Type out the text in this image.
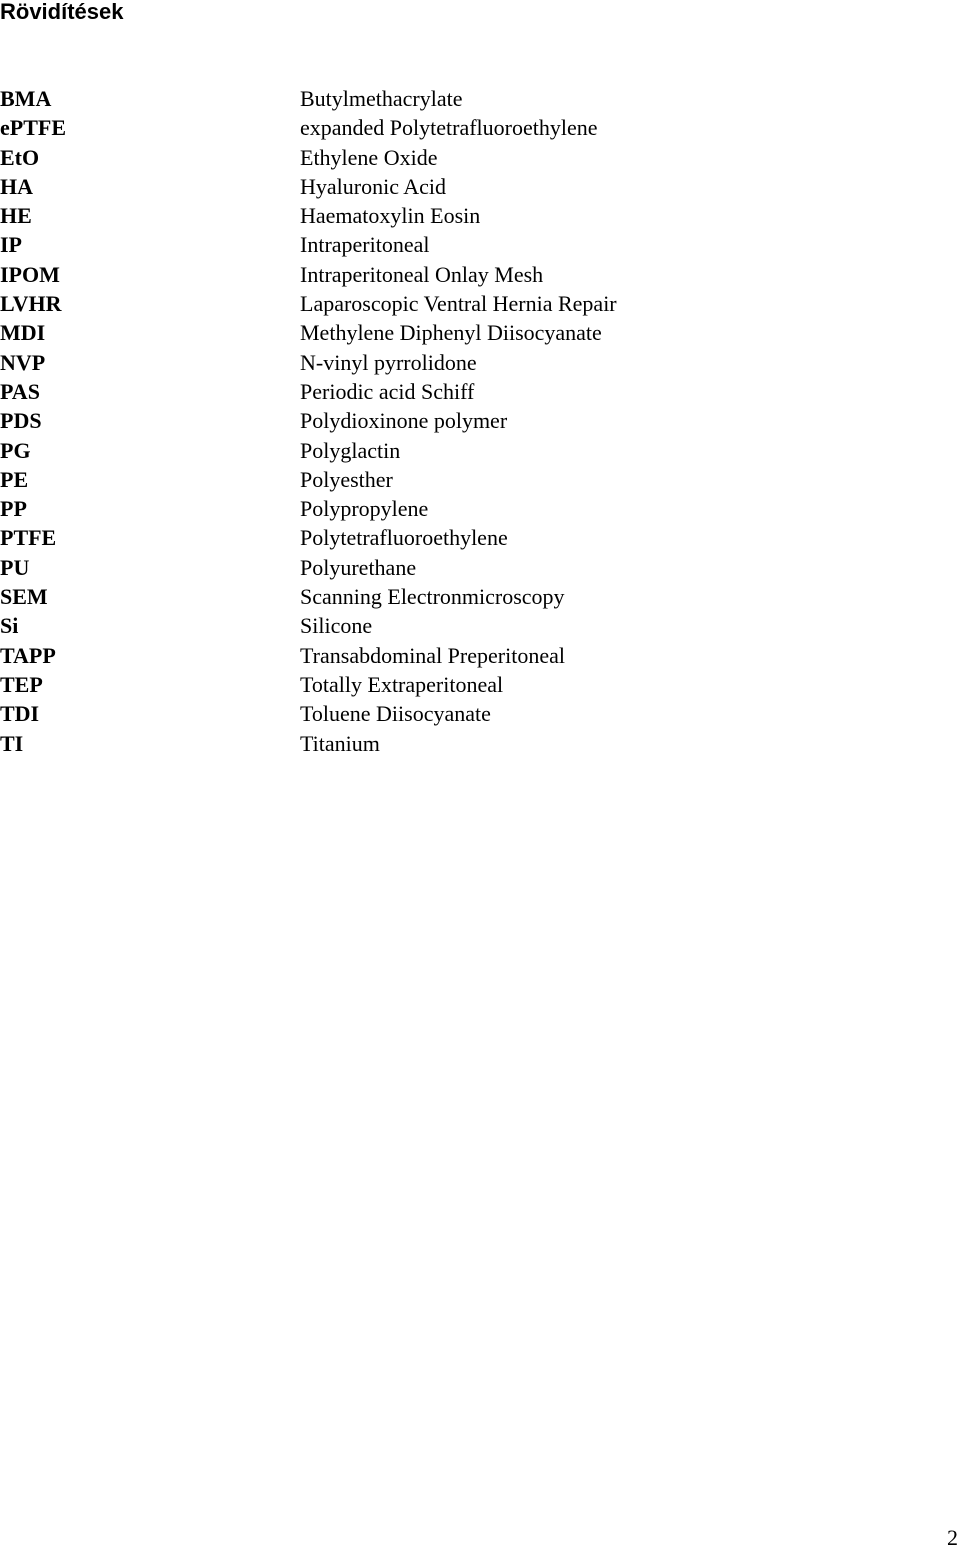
Rövidítések
BMA	Butylmethacrylate
ePTFE	expanded Polytetrafluoroethylene
EtO	Ethylene Oxide
HA	Hyaluronic Acid
HE	Haematoxylin Eosin
IP	Intraperitoneal
IPOM	Intraperitoneal Onlay Mesh
LVHR	Laparoscopic Ventral Hernia Repair
MDI	Methylene Diphenyl Diisocyanate
NVP	N-vinyl pyrrolidone
PAS	Periodic acid Schiff
PDS	Polydioxinone polymer
PG	Polyglactin
PE	Polyesther
PP	Polypropylene
PTFE	Polytetrafluoroethylene
PU	Polyurethane
SEM	Scanning Electronmicroscopy
Si	Silicone
TAPP	Transabdominal Preperitoneal
TEP	Totally Extraperitoneal
TDI	Toluene Diisocyanate
TI	Titanium
2
